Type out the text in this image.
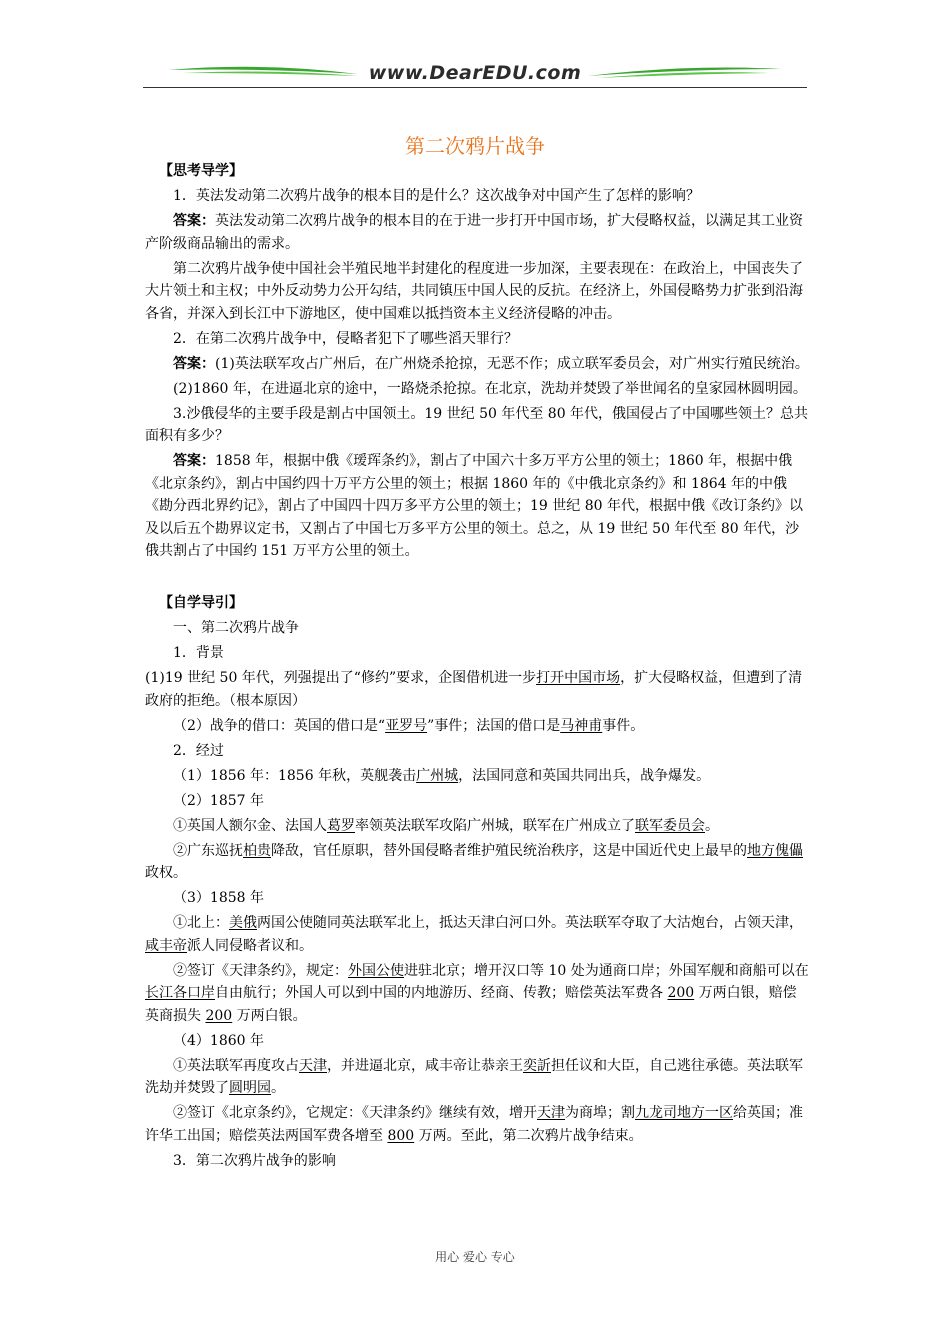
www.DearEDU.com
第二次鸦片战争

【思考导学】

1．英法发动第二次鸦片战争的根本目的是什么？这次战争对中国产生了怎样的影响？

答案：英法发动第二次鸦片战争的根本目的在于进一步打开中国市场，扩大侵略权益，以满足其工业资产阶级商品输出的需求。

第二次鸦片战争使中国社会半殖民地半封建化的程度进一步加深，主要表现在：在政治上，中国丧失了大片领土和主权；中外反动势力公开勾结，共同镇压中国人民的反抗。在经济上，外国侵略势力扩张到沿海各省，并深入到长江中下游地区，使中国难以抵挡资本主义经济侵略的冲击。

2．在第二次鸦片战争中，侵略者犯下了哪些滔天罪行？

答案：(1)英法联军攻占广州后，在广州烧杀抢掠，无恶不作；成立联军委员会，对广州实行殖民统治。

(2)1860 年，在进逼北京的途中，一路烧杀抢掠。在北京，洗劫并焚毁了举世闻名的皇家园林圆明园。

3.沙俄侵华的主要手段是割占中国领土。19 世纪 50 年代至 80 年代，俄国侵占了中国哪些领土？总共面积有多少？

答案：1858 年，根据中俄《瑷珲条约》，割占了中国六十多万平方公里的领土；1860 年，根据中俄《北京条约》，割占中国约四十万平方公里的领土；根据 1860 年的《中俄北京条约》和 1864 年的中俄《勘分西北界约记》，割占了中国四十四万多平方公里的领土；19 世纪 80 年代，根据中俄《改订条约》以及以后五个勘界议定书，又割占了中国七万多平方公里的领土。总之，从 19 世纪 50 年代至 80 年代，沙俄共割占了中国约 151 万平方公里的领土。

【自学导引】

一、第二次鸦片战争

1．背景

(1)19 世纪 50 年代，列强提出了“修约”要求，企图借机进一步打开中国市场，扩大侵略权益，但遭到了清政府的拒绝。（根本原因）

（2）战争的借口：英国的借口是“亚罗号”事件；法国的借口是马神甫事件。

2．经过

（1）1856 年：1856 年秋，英舰袭击广州城，法国同意和英国共同出兵，战争爆发。

（2）1857 年

①英国人额尔金、法国人葛罗率领英法联军攻陷广州城，联军在广州成立了联军委员会。

②广东巡抚柏贵降敌，官任原职，替外国侵略者维护殖民统治秩序，这是中国近代史上最早的地方傀儡政权。

（3）1858 年

①北上：美俄两国公使随同英法联军北上，抵达天津白河口外。英法联军夺取了大沽炮台，占领天津，咸丰帝派人同侵略者议和。

②签订《天津条约》，规定：外国公使进驻北京；增开汉口等 10 处为通商口岸；外国军舰和商船可以在长江各口岸自由航行；外国人可以到中国的内地游历、经商、传教；赔偿英法军费各 200 万两白银，赔偿英商损失 200 万两白银。

（4）1860 年

①英法联军再度攻占天津，并进逼北京，咸丰帝让恭亲王奕訢担任议和大臣，自己逃往承德。英法联军洗劫并焚毁了圆明园。

②签订《北京条约》，它规定：《天津条约》继续有效，增开天津为商埠；割九龙司地方一区给英国；准许华工出国；赔偿英法两国军费各增至 800 万两。至此，第二次鸦片战争结束。

3．第二次鸦片战争的影响

用心 爱心 专心
